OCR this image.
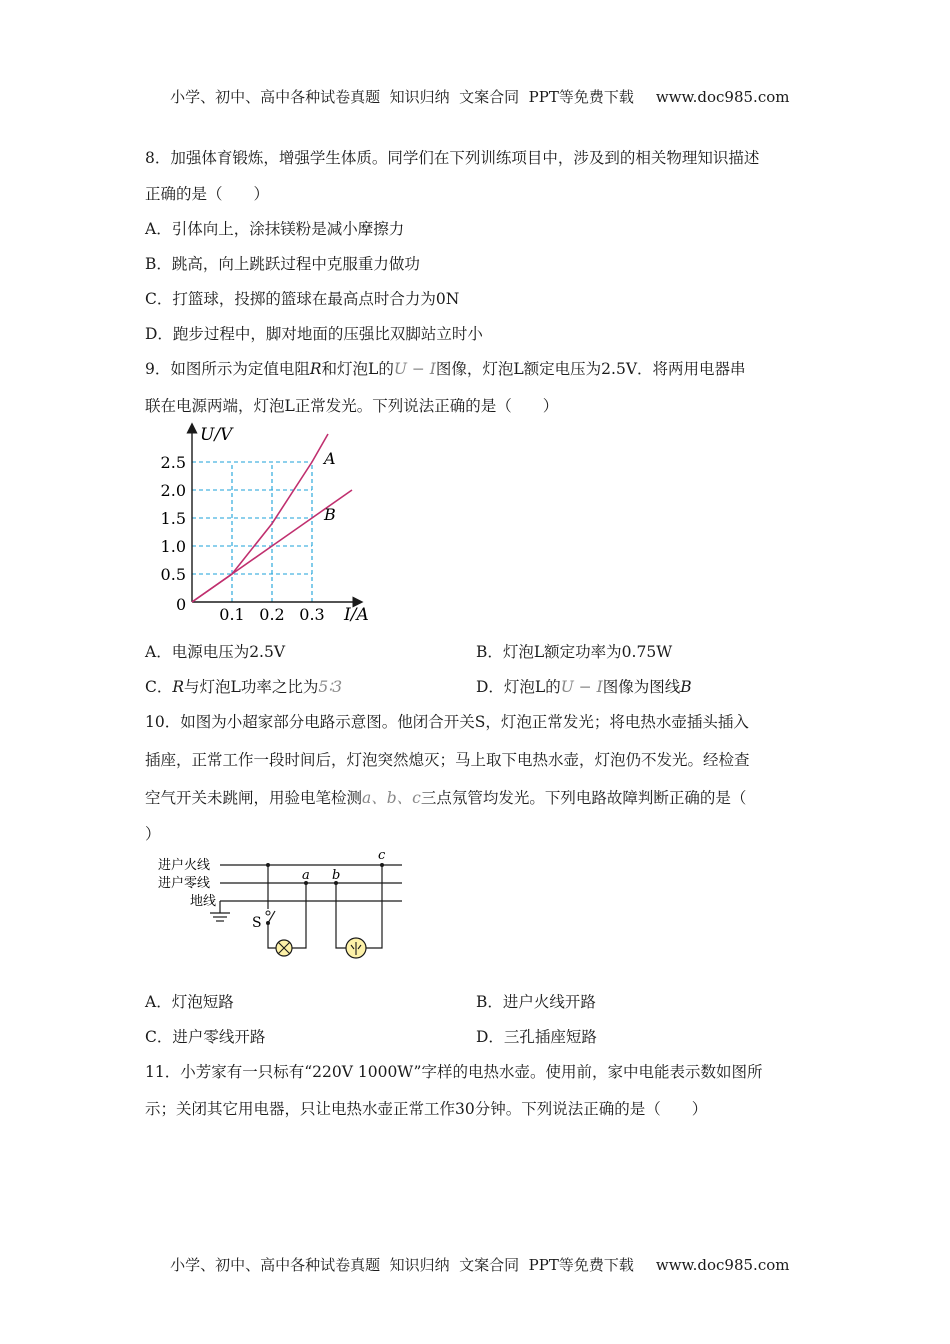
小学、初中、高中各种试卷真题  知识归纳  文案合同  PPT等免费下载 www.doc985.com

8．加强体育锻炼，增强学生体质。同学们在下列训练项目中，涉及到的相关物理知识描述
正确的是（　　）
A．引体向上，涂抹镁粉是减小摩擦力
B．跳高，向上跳跃过程中克服重力做功
C．打篮球，投掷的篮球在最高点时合力为0N
D．跑步过程中，脚对地面的压强比双脚站立时小
9．如图所示为定值电阻R和灯泡L的U − I图像，灯泡L额定电压为2.5V．将两用电器串
联在电源两端，灯泡L正常发光。下列说法正确的是（　　）
U/V
I/A
0
0.1 0.2 0.3
2.5
2.0
1.5
1.0
0.5
A
B
A．电源电压为2.5V	B．灯泡L额定功率为0.75W
C．R与灯泡L功率之比为5∶3	D．灯泡L的U − I图像为图线B
10．如图为小超家部分电路示意图。他闭合开关S，灯泡正常发光；将电热水壶插头插入
插座，正常工作一段时间后，灯泡突然熄灭；马上取下电热水壶，灯泡仍不发光。经检查
空气开关未跳闸，用验电笔检测a、b、c三点氖管均发光。下列电路故障判断正确的是（
）
进户火线
进户零线
地线
S
a b
c
A．灯泡短路	B．进户火线开路
C．进户零线开路	D．三孔插座短路
11．小芳家有一只标有“220V 1000W”字样的电热水壶。使用前，家中电能表示数如图所
示；关闭其它用电器，只让电热水壶正常工作30分钟。下列说法正确的是（　　）

小学、初中、高中各种试卷真题  知识归纳  文案合同  PPT等免费下载 www.doc985.com
